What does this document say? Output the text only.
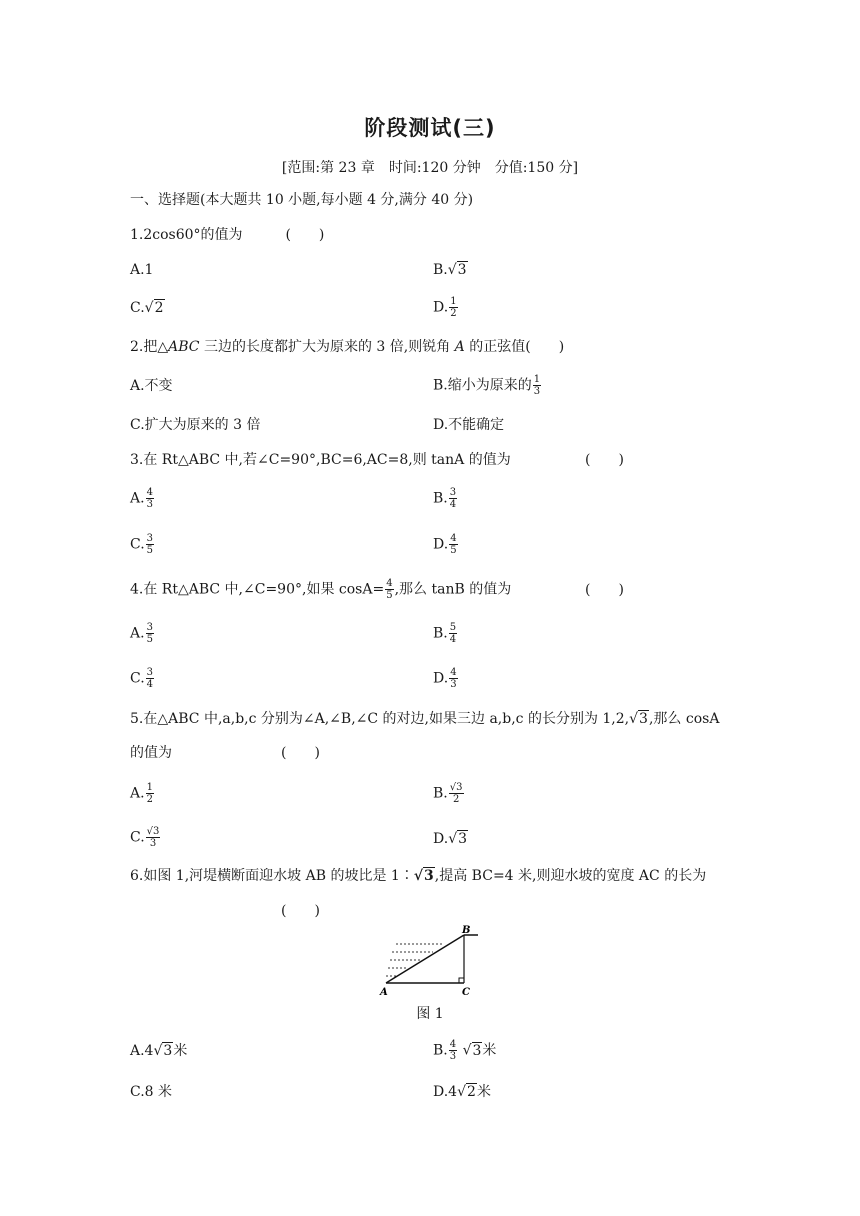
阶段测试(三)
[范围:第 23 章　时间:120 分钟　分值:150 分]
一、选择题(本大题共 10 小题,每小题 4 分,满分 40 分)
1.2cos60°的值为	(　　)
A.1	B.√3
C.√2	D. $\frac{1}{2}$
2.把△ABC 三边的长度都扩大为原来的 3 倍,则锐角 A 的正弦值(　　)
A.不变	B.缩小为原来的 $\frac{1}{3}$
C.扩大为原来的 3 倍	D.不能确定
3.在 Rt△ABC 中,若∠C=90°,BC=6,AC=8,则 tanA 的值为	(　　)
A. $\frac{4}{3}$	B. $\frac{3}{4}$
C. $\frac{3}{5}$	D. $\frac{4}{5}$
4.在 Rt△ABC 中,∠C=90°,如果 $\cos A= \frac{4}{5}$ ,那么 tanB 的值为	(　　)
A. $\frac{3}{5}$	B. $\frac{5}{4}$
C. $\frac{3}{4}$	D. $\frac{4}{3}$
5.在△ABC 中,a,b,c 分别为∠A,∠B,∠C 的对边,如果三边 a,b,c 的长分别为 1,2,√3,那么 cosA
的值为	(　　)
A. $\frac{1}{2}$	B. $\frac{√3}{2}$
C. $\frac{√3}{3}$	D.√3
6.如图 1,河堤横断面迎水坡 AB 的坡比是 1∶√3,提高 BC=4 米,则迎水坡的宽度 AC 的长为
(　　)
A
B
C
图 1
A.4√3米	B. $\frac{4}{3} √3$米
C.8 米	D.4√2米
